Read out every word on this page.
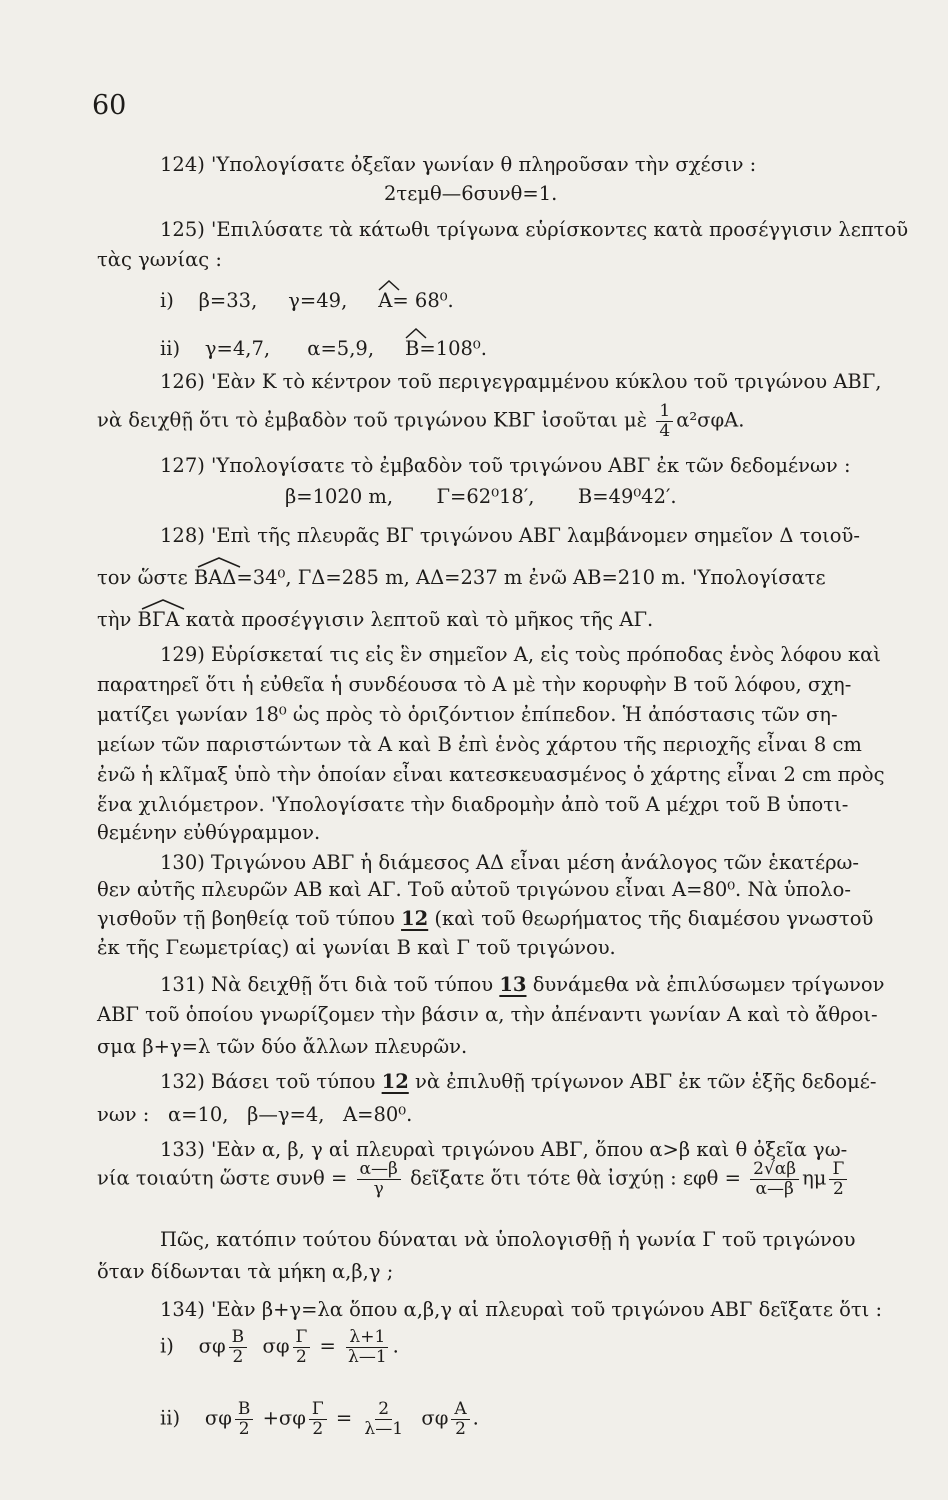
60
124) 'Υπολογίσατε ὀξεῖαν γωνίαν θ πληροῦσαν τὴν σχέσιν :
2τεμθ—6συνθ=1.
125) 'Επιλύσατε τὰ κάτωθι τρίγωνα εὑρίσκοντες κατὰ προσέγγισιν λεπτοῦ
τὰς γωνίας :
i) β=33, γ=49, A= 68⁰.
ii) γ=4,7, α=5,9, B=108⁰.
126) 'Εὰν Κ τὸ κέντρον τοῦ περιγεγραμμένου κύκλου τοῦ τριγώνου ΑΒΓ,
νὰ δειχθῇ ὅτι τὸ ἐμβαδὸν τοῦ τριγώνου ΚΒΓ ἰσοῦται μὲ $\frac{1}{4} \alpha^2\sigma\varphi A$.
127) 'Υπολογίσατε τὸ ἐμβαδὸν τοῦ τριγώνου ΑΒΓ ἐκ τῶν δεδομένων :
β=1020 m, Γ=62⁰18′, B=49⁰42′.
128) 'Επὶ τῆς πλευρᾶς ΒΓ τριγώνου ΑΒΓ λαμβάνομεν σημεῖον Δ τοιοῦ-
τον ὥστε ΒΑΔ=34⁰, ΓΔ=285 m, ΑΔ=237 m ἐνῶ ΑΒ=210 m. 'Υπολογίσατε
τὴν ΒΓΑ κατὰ προσέγγισιν λεπτοῦ καὶ τὸ μῆκος τῆς ΑΓ.
129) Εὑρίσκεταί τις εἰς ἓν σημεῖον Α, εἰς τοὺς πρόποδας ἑνὸς λόφου καὶ
παρατηρεῖ ὅτι ἡ εὐθεῖα ἡ συνδέουσα τὸ Α μὲ τὴν κορυφὴν Β τοῦ λόφου, σχη-
ματίζει γωνίαν 18⁰ ὡς πρὸς τὸ ὁριζόντιον ἐπίπεδον. Ἡ ἀπόστασις τῶν ση-
μείων τῶν παριστώντων τὰ Α καὶ Β ἐπὶ ἑνὸς χάρτου τῆς περιοχῆς εἶναι 8 cm
ἐνῶ ἡ κλῖμαξ ὑπὸ τὴν ὁποίαν εἶναι κατεσκευασμένος ὁ χάρτης εἶναι 2 cm πρὸς
ἕνα χιλιόμετρον. 'Υπολογίσατε τὴν διαδρομὴν ἀπὸ τοῦ Α μέχρι τοῦ Β ὑποτι-
θεμένην εὐθύγραμμον.
130) Τριγώνου ΑΒΓ ἡ διάμεσος ΑΔ εἶναι μέση ἀνάλογος τῶν ἑκατέρω-
θεν αὐτῆς πλευρῶν ΑΒ καὶ ΑΓ. Τοῦ αὐτοῦ τριγώνου εἶναι Α=80⁰. Νὰ ὑπολο-
γισθοῦν τῇ βοηθείᾳ τοῦ τύπου 12 (καὶ τοῦ θεωρήματος τῆς διαμέσου γνωστοῦ
ἐκ τῆς Γεωμετρίας) αἱ γωνίαι Β καὶ Γ τοῦ τριγώνου.
131) Νὰ δειχθῇ ὅτι διὰ τοῦ τύπου 13 δυνάμεθα νὰ ἐπιλύσωμεν τρίγωνον
ΑΒΓ τοῦ ὁποίου γνωρίζομεν τὴν βάσιν α, τὴν ἀπέναντι γωνίαν Α καὶ τὸ ἄθροι-
σμα β+γ=λ τῶν δύο ἄλλων πλευρῶν.
132) Βάσει τοῦ τύπου 12 νὰ ἐπιλυθῇ τρίγωνον ΑΒΓ ἐκ τῶν ἑξῆς δεδομέ-
νων :   α=10,   β—γ=4,   A=80⁰.
133) 'Εὰν α, β, γ αἱ πλευραὶ τριγώνου ΑΒΓ, ὅπου α>β καὶ θ ὀξεῖα γω-
νία τοιαύτη ὥστε $\sigma\upsilon\nu\theta = \frac{\alpha—\beta}{\gamma}$ δεῖξατε ὅτι τότε θὰ ἰσχύῃ : $\varepsilon\varphi\theta = \frac{2√\alpha\beta}{\alpha—\beta}$ ημ $\frac{\Gamma}{2}$
Πῶς, κατόπιν τούτου δύναται νὰ ὑπολογισθῇ ἡ γωνία Γ τοῦ τριγώνου
ὅταν δίδωνται τὰ μήκη α,β,γ ;
134) 'Εὰν β+γ=λα ὅπου α,β,γ αἱ πλευραὶ τοῦ τριγώνου ΑΒΓ δεῖξατε ὅτι :
i) σφ $\frac{B}{2}$ σφ $\frac{\Gamma}{2} = \frac{\lambda+1}{\lambda—1}$ .
ii) σφ $\frac{B}{2} +\sigma\varphi \frac{\Gamma}{2} = \frac{2}{\lambda—1}$ σφ $\frac{A}{2}$ .
